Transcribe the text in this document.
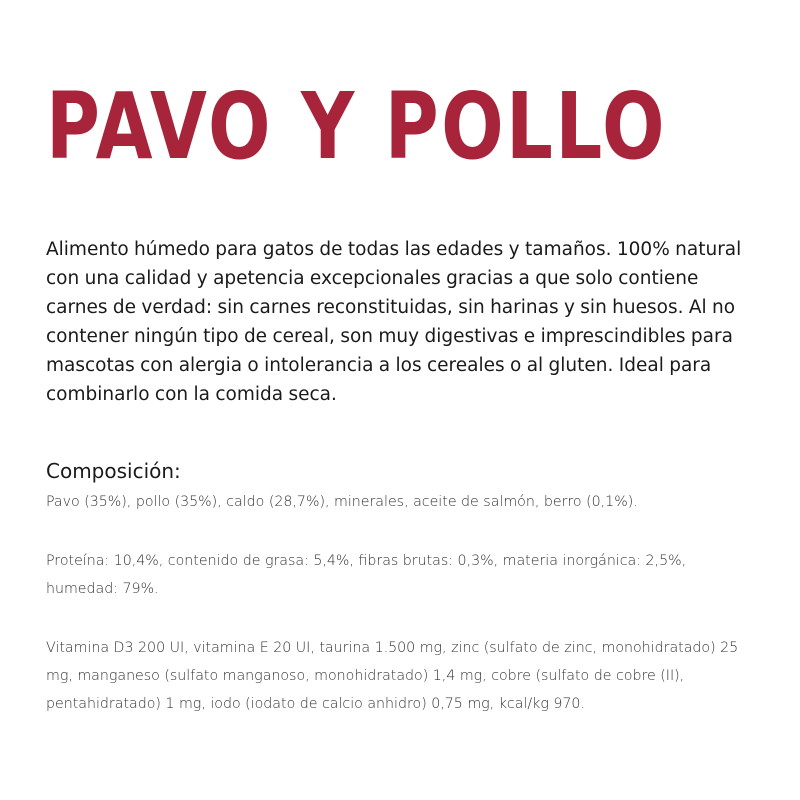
PAVO Y POLLO

Alimento húmedo para gatos de todas las edades y tamaños. 100% natural con una calidad y apetencia excepcionales gracias a que solo contiene carnes de verdad: sin carnes reconstituidas, sin harinas y sin huesos. Al no contener ningún tipo de cereal, son muy digestivas e imprescindibles para mascotas con alergia o intolerancia a los cereales o al gluten. Ideal para combinarlo con la comida seca.

Composición:

Pavo (35%), pollo (35%), caldo (28,7%), minerales, aceite de salmón, berro (0,1%).

Proteína: 10,4%, contenido de grasa: 5,4%, fibras brutas: 0,3%, materia inorgánica: 2,5%, humedad: 79%.

Vitamina D3 200 UI, vitamina E 20 UI, taurina 1.500 mg, zinc (sulfato de zinc, monohidratado) 25 mg, manganeso (sulfato manganoso, monohidratado) 1,4 mg, cobre (sulfato de cobre (II), pentahidratado) 1 mg, iodo (iodato de calcio anhidro) 0,75 mg, kcal/kg 970.
